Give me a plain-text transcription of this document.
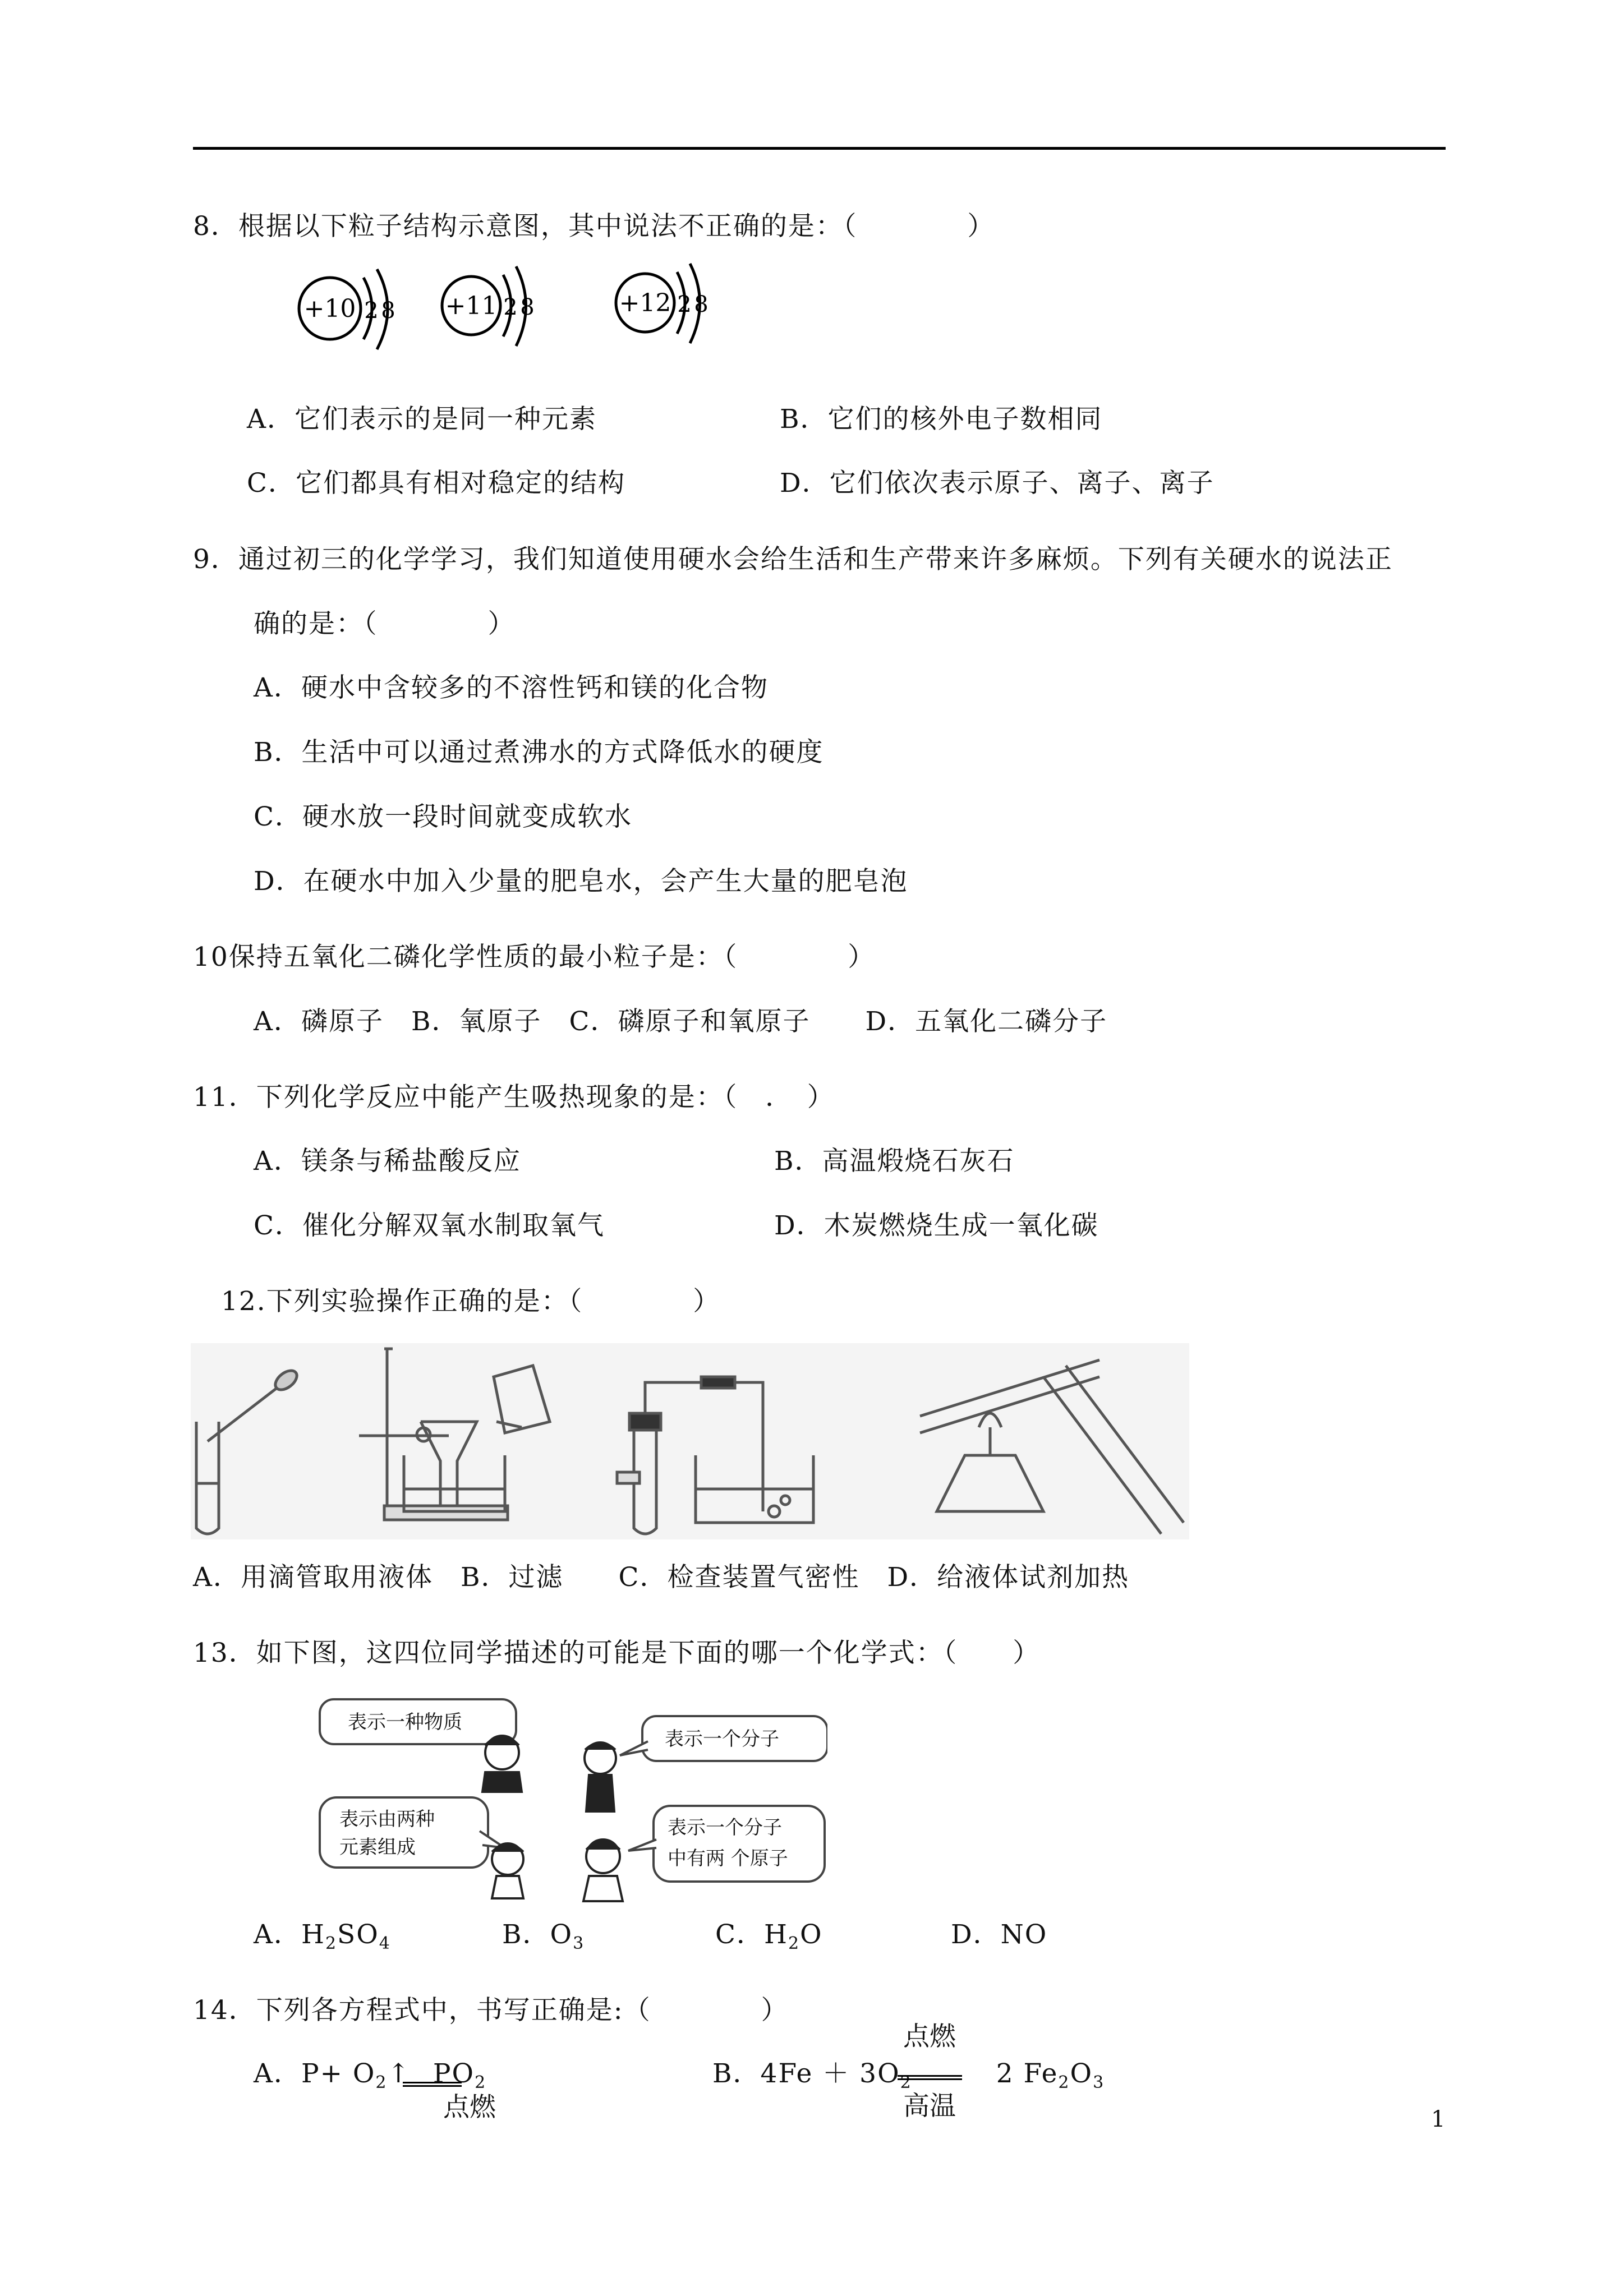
8．根据以下粒子结构示意图，其中说法不正确的是：（　　　　）
+10 2 8 +11 2 8	+12 2 8
A．它们表示的是同一种元素	B．它们的核外电子数相同
C．它们都具有相对稳定的结构	D．它们依次表示原子、离子、离子
9．通过初三的化学学习，我们知道使用硬水会给生活和生产带来许多麻烦。下列有关硬水的说法正
确的是：（　　　　）
A．硬水中含较多的不溶性钙和镁的化合物
B．生活中可以通过煮沸水的方式降低水的硬度
C．硬水放一段时间就变成软水
D．在硬水中加入少量的肥皂水，会产生大量的肥皂泡
10保持五氧化二磷化学性质的最小粒子是：（　　　　）
A．磷原子　B．氧原子　C．磷原子和氧原子　　D．五氧化二磷分子
11．下列化学反应中能产生吸热现象的是：（　．　）
A．镁条与稀盐酸反应	B．高温煅烧石灰石
C．催化分解双氧水制取氧气	D．木炭燃烧生成一氧化碳
12.下列实验操作正确的是：（　　　　）
A．用滴管取用液体　B．过滤　　C．检查装置气密性　D．给液体试剂加热
13．如下图，这四位同学描述的可能是下面的哪一个化学式：（　　）
表示一种物质
表示一个分子
表示由两种
元素组成
表示一个分子
中有两 个原子
A．$H_2SO_4$	B．$O_3$	C．$H_2O$	D．NO
14．下列各方程式中，书写正确是:（　　　　）
点燃
A．$P+ O_2↑$ $PO_2$
点燃
B．$4Fe + 3O_2$	2 $Fe_2O_3$
高温	1
